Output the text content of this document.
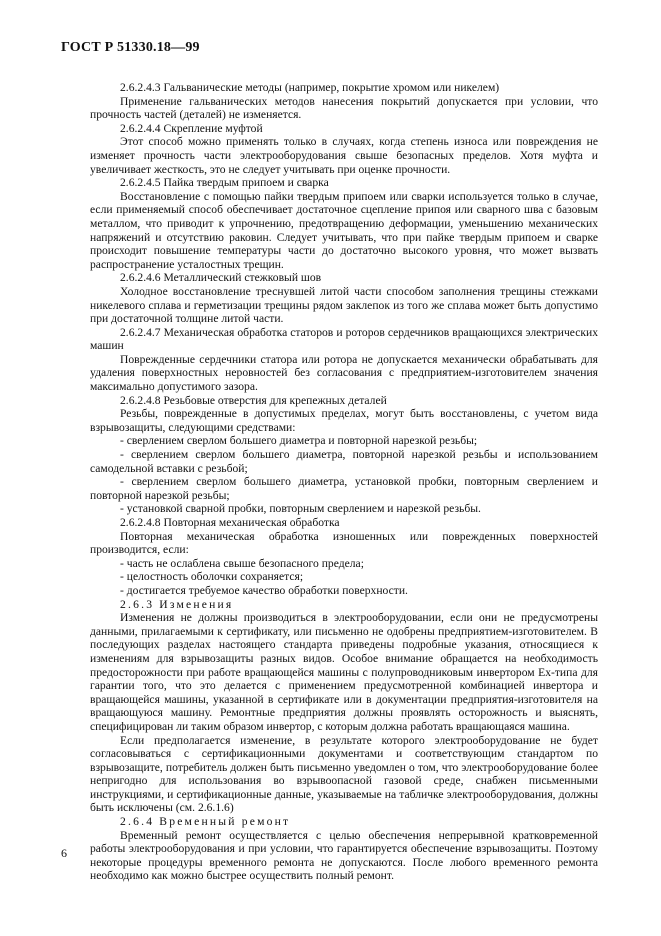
ГОСТ Р 51330.18—99

2.6.2.4.3 Гальванические методы (например, покрытие хромом или никелем)

Применение гальванических методов нанесения покрытий допускается при условии, что прочность частей (деталей) не изменяется.

2.6.2.4.4 Скрепление муфтой

Этот способ можно применять только в случаях, когда степень износа или повреждения не изменяет прочность части электрооборудования свыше безопасных пределов. Хотя муфта и увеличивает жесткость, это не следует учитывать при оценке прочности.

2.6.2.4.5 Пайка твердым припоем и сварка

Восстановление с помощью пайки твердым припоем или сварки используется только в случае, если применяемый способ обеспечивает достаточное сцепление припоя или сварного шва с базовым металлом, что приводит к упрочнению, предотвращению деформации, уменьшению механических напряжений и отсутствию раковин. Следует учитывать, что при пайке твердым припоем и сварке происходит повышение температуры части до достаточно высокого уровня, что может вызвать распространение усталостных трещин.

2.6.2.4.6 Металлический стежковый шов

Холодное восстановление треснувшей литой части способом заполнения трещины стежками никелевого сплава и герметизации трещины рядом заклепок из того же сплава может быть допустимо при достаточной толщине литой части.

2.6.2.4.7 Механическая обработка статоров и роторов сердечников вращающихся электрических машин

Поврежденные сердечники статора или ротора не допускается механически обрабатывать для удаления поверхностных неровностей без согласования с предприятием-изготовителем значения максимально допустимого зазора.

2.6.2.4.8 Резьбовые отверстия для крепежных деталей

Резьбы, поврежденные в допустимых пределах, могут быть восстановлены, с учетом вида взрывозащиты, следующими средствами:

- сверлением сверлом большего диаметра и повторной нарезкой резьбы;

- сверлением сверлом большего диаметра, повторной нарезкой резьбы и использованием самодельной вставки с резьбой;

- сверлением сверлом большего диаметра, установкой пробки, повторным сверлением и повторной нарезкой резьбы;

- установкой сварной пробки, повторным сверлением и нарезкой резьбы.

2.6.2.4.8 Повторная механическая обработка

Повторная механическая обработка изношенных или поврежденных поверхностей производится, если:

- часть не ослаблена свыше безопасного предела;

- целостность оболочки сохраняется;

- достигается требуемое качество обработки поверхности.

2.6.3 Изменения

Изменения не должны производиться в электрооборудовании, если они не предусмотрены данными, прилагаемыми к сертификату, или письменно не одобрены предприятием-изготовителем. В последующих разделах настоящего стандарта приведены подробные указания, относящиеся к изменениям для взрывозащиты разных видов. Особое внимание обращается на необходимость предосторожности при работе вращающейся машины с полупроводниковым инвертором Ex-типа для гарантии того, что это делается с применением предусмотренной комбинацией инвертора и вращающейся машины, указанной в сертификате или в документации предприятия-изготовителя на вращающуюся машину. Ремонтные предприятия должны проявлять осторожность и выяснять, специфицирован ли таким образом инвертор, с которым должна работать вращающаяся машина.

Если предполагается изменение, в результате которого электрооборудование не будет согласовываться с сертификационными документами и соответствующим стандартом по взрывозащите, потребитель должен быть письменно уведомлен о том, что электрооборудование более непригодно для использования во взрывоопасной газовой среде, снабжен письменными инструкциями, и сертификационные данные, указываемые на табличке электрооборудования, должны быть исключены (см. 2.6.1.6)

2.6.4 Временный ремонт

Временный ремонт осуществляется с целью обеспечения непрерывной кратковременной работы электрооборудования и при условии, что гарантируется обеспечение взрывозащиты. Поэтому некоторые процедуры временного ремонта не допускаются. После любого временного ремонта необходимо как можно быстрее осуществить полный ремонт.

6
